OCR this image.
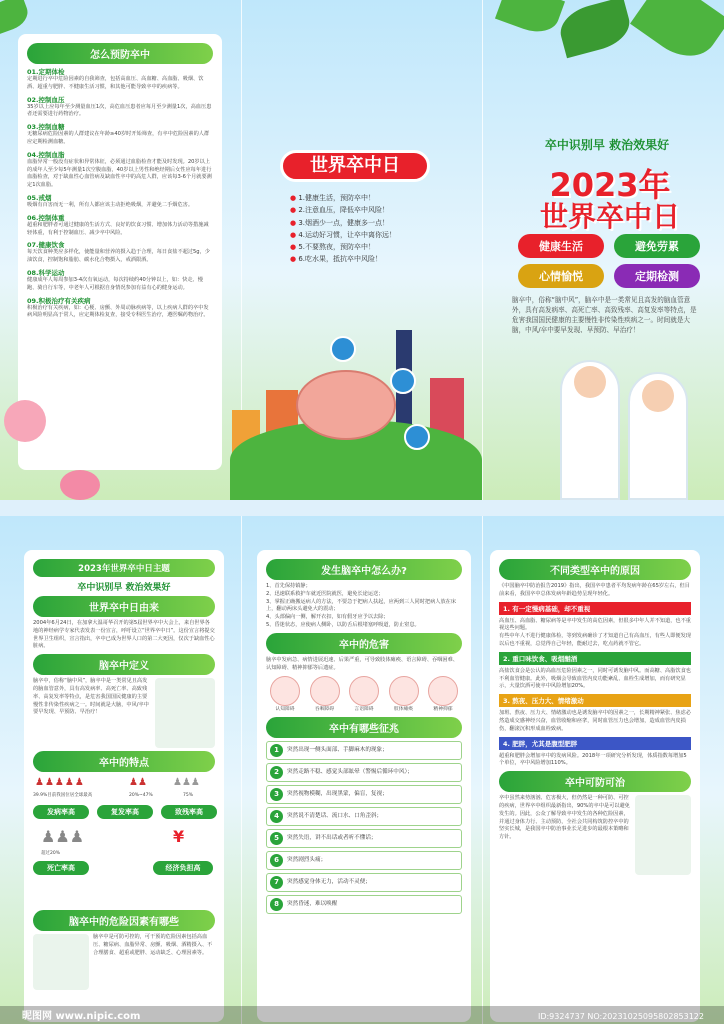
怎么预防卒中
01.定期体检
定期进行卒中危险因素的自我筛查，包括高血压、高血糖、高血脂、吸烟、饮酒、超重与肥胖、不健康生活习惯，和其他可能导致卒中的疾病等。
02.控制血压
35岁以上应每年至少测量血压1次，高危血压患者应每月至少测量1次，高血压患者还需要进行药物治疗。
03.控制血糖
无糖尿病危险因素的人群建议在年龄≥40岁时开始筛查，有卒中危险因素的人群应定期检测血糖。
04.控制血脂
血脂异常一般没有症状和异常体征，必须通过血脂检查才能及时发现。20岁以上的成年人至少每5年测量1次空腹血脂，40岁以上男性和绝经期后女性应每年进行血脂检查，对于缺血性心血管病及缺血性卒中的高危人群，应该每3-6个月就要测定1次血脂。
05.戒烟
吸烟有百害而无一利，所有人都应该主动拒绝吸烟，并避免二手烟危害。
06.控制体重
超重和肥胖者可通过健康的生活方式、良好的饮食习惯、增加体力活动等措施减轻体重，有利于控制血压、减少卒中风险。
07.健康饮食
每天饮食种类应多样化，使能量和营养的摄入趋于合理，每日食盐不超过5g，少油饮食，控制饱和脂肪、碳水化合物摄入，戒酒限酒。
08.科学运动
健康成年人每周参加3-4次有氧运动，每次持续约40分钟以上，如：快走、慢跑、骑自行车等，中老年人可根据自身情况参加有益有心的健身运动。
09.积极治疗有关疾病
积极治疗有关疾病，如：心梗、房颤、外周动脉疾病等，以上疾病人群的卒中发病风险明显高于常人，应定期体检复查，接受专科医生治疗，遵医嘱药物治疗。
世界卒中日
● 1.健康生活，预防卒中！
● 2.注意血压，降低卒中风险！
● 3.烟酒少一点，健康多一点！
● 4.运动好习惯，让卒中离你远！
● 5.不要熬夜，预防卒中！
● 6.吃水果，抵抗卒中风险！
卒中识别早 救治效果好
2023年
世界卒中日
健康生活	避免劳累
心情愉悦	定期检测
脑卒中，俗称“脑中风”，脑卒中是一类常见且高发的脑血管意外，具有高发病率、高死亡率、高致残率、高复发率等特点，是危害我国国民健康的主要慢性非传染性疾病之一。时间就是大脑，中风/卒中要早发现、早预防、早治疗！
2023年世界卒中日主题
卒中识别早 救治效果好
世界卒中日由来
2004年6月24日，在加拿大温哥华召开的第5届世界卒中大会上，来自世界各地的神经病学专家代表发表一份宣言，呼吁设立“世界卒中日”。这份宣言将提交世界卫生组织，宣言指出，卒中已成为世界人口的第二大死因，仅次于缺血性心脏病。
脑卒中定义
脑卒中，俗称“脑中风”，脑卒中是一类常见且高发的脑血管意外，具有高发病率、高死亡率、高致残率、高复发率等特点，是危害我国国民健康的主要慢性非传染性疾病之一。时间就是大脑，中风/卒中要早发现、早预防、早治疗！
卒中的特点
♟♟♟♟♟	♟♟	♟♟♟
39.9%目前我国位居全球最高	20%~47%	75%
发病率高	复发率高	致残率高
♟♟♟	¥
超过20%
死亡率高	经济负担高
脑卒中的危险因素有哪些
脑卒中是可防可控的，可干预的危险因素包括高血压、糖尿病、血脂异常、房颤、吸烟、酒精摄入、不合理膳食、超重或肥胖、运动缺乏、心理因素等。
发生脑卒中怎么办?
1、首先保持镇静；
2、迅速联系救护车就近医院就医，避免长途运送；
3、掌握正确搬运病人的方法，不要急于把病人扶起，应两到三人同时把病人放在床上，翻动两床头避免大的震动；
4、头部偏向一侧，解开衣扣，如有假牙应予以去除；
5、昏迷状态，应使病人侧卧，以防舌后根堵塞呼吸道，防止窒息。
卒中的危害
脑卒中发病急、病情进展迅速、后果严重，可导致肢体瘫痪、语言障碍、吞咽困难、认知障碍、精神抑郁等后遗症。
认知障碍	吞咽障碍	言语障碍	肢体瘫痪	精神抑郁
卒中有哪些征兆
1	突然出现一侧头面部、手脚麻木的现象；
2	突然走路不稳、感觉头部眩晕（警惕后循环中风）；
3	突然视物模糊，出现黑蒙，偏盲，复视；
4	突然说不清楚话、流口水、口角歪斜；
5	突然失语，讲不出话或者听不懂话；
6	突然剧烈头痛；
7	突然感觉身体无力，活动不灵便；
8	突然昏迷，难以唤醒
不同类型卒中的原因
《中国脑卒中防治报告2019》指出，我国卒中患者平均发病年龄在65岁左右，但目前来看，我国卒中总体发病年龄趋势呈现年轻化。
1. 有一定慢病基础，却不重视
高血压、高血脂、糖尿病等是卒中发生的高危因素，但很多中年人并不知道，也不重视这些问题。
有些中年人不进行健康体检，等到发病确诊了才知道自己有高血压，有些人即便发现以后也不重视，总觉得自己年轻，能耐过去，吃点药就不管它。
2. 重口味饮食、吸烟酗酒
高盐饮食会是公认的高血压危险因素之一，同时可诱发脑中风。而高糖、高脂饮食也不利血管健康。此外，吸烟会导致血管内皮功能紊乱、血栓生成增加，而有研究显示，大量饮酒可使卒中风险增加20%。
3. 熬夜、压力大、情绪激动
加班、熬夜、压力大、情绪激动也是诱发脑卒中的因素之一，长期精神紧张、焦虑必然造成交感神经兴奋，血管收缩和痉挛，同时血管压力也会增加，造成血管内皮损伤，翻滚沉积形成血栓致病。
4. 肥胖，尤其是腹型肥胖
超重和肥胖会增加卒中的发病风险。2018年一项研究分析发现，体质指数每增加5个单位，卒中风险增加110%。
卒中可防可治
卒中虽然来势汹汹、危害极大，但仍然是一种可防、可控的疾病，世界卒中组织最新指出，90%的卒中是可以避免发生的。因此，公众了解导致卒中发生的各种危险因素，并通过身体力行、主动预防，全社会共同构筑防控卒中的坚实长城，是我国卒中防治事业长足进步的最根本策略和方针。
昵图网 www.nipic.com	ID:9324737 NO:20231025095802853122
